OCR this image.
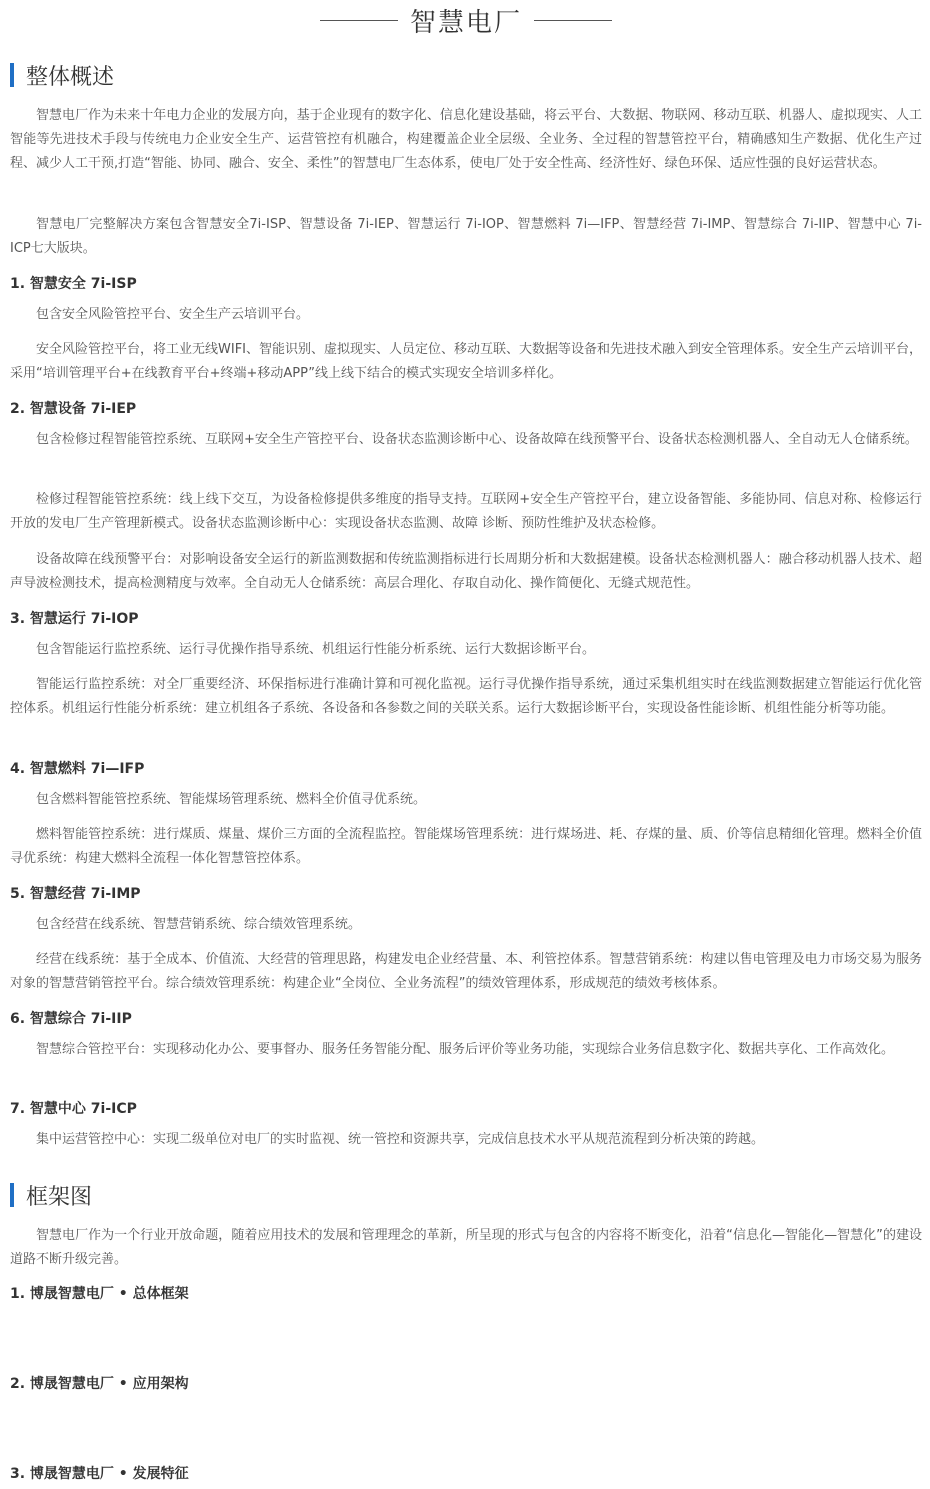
智慧电厂
整体概述

智慧电厂作为未来十年电力企业的发展方向，基于企业现有的数字化、信息化建设基础，将云平台、大数据、物联网、移动互联、机器人、虚拟现实、人工智能等先进技术手段与传统电力企业安全生产、运营管控有机融合，构建覆盖企业全层级、全业务、全过程的智慧管控平台，精确感知生产数据、优化生产过程、减少人工干预,打造“智能、协同、融合、安全、柔性”的智慧电厂生态体系，使电厂处于安全性高、经济性好、绿色环保、适应性强的良好运营状态。

智慧电厂完整解决方案包含智慧安全7i-ISP、智慧设备 7i-IEP、智慧运行 7i-IOP、智慧燃料 7i—IFP、智慧经营 7i-IMP、智慧综合 7i-IIP、智慧中心 7i-ICP七大版块。

1. 智慧安全 7i-ISP

包含安全风险管控平台、安全生产云培训平台。

安全风险管控平台，将工业无线WIFI、智能识别、虚拟现实、人员定位、移动互联、大数据等设备和先进技术融入到安全管理体系。安全生产云培训平台，采用“培训管理平台+在线教育平台+终端+移动APP”线上线下结合的模式实现安全培训多样化。

2. 智慧设备 7i-IEP

包含检修过程智能管控系统、互联网+安全生产管控平台、设备状态监测诊断中心、设备故障在线预警平台、设备状态检测机器人、全自动无人仓储系统。

检修过程智能管控系统：线上线下交互，为设备检修提供多维度的指导支持。互联网+安全生产管控平台，建立设备智能、多能协同、信息对称、检修运行开放的发电厂生产管理新模式。设备状态监测诊断中心：实现设备状态监测、故障 诊断、预防性维护及状态检修。

设备故障在线预警平台：对影响设备安全运行的新监测数据和传统监测指标进行长周期分析和大数据建模。设备状态检测机器人：融合移动机器人技术、超声导波检测技术，提高检测精度与效率。全自动无人仓储系统：高层合理化、存取自动化、操作简便化、无缝式规范性。

3. 智慧运行 7i-IOP

包含智能运行监控系统、运行寻优操作指导系统、机组运行性能分析系统、运行大数据诊断平台。

智能运行监控系统：对全厂重要经济、环保指标进行准确计算和可视化监视。运行寻优操作指导系统，通过采集机组实时在线监测数据建立智能运行优化管控体系。机组运行性能分析系统：建立机组各子系统、各设备和各参数之间的关联关系。运行大数据诊断平台，实现设备性能诊断、机组性能分析等功能。

4. 智慧燃料 7i—IFP

包含燃料智能管控系统、智能煤场管理系统、燃料全价值寻优系统。

燃料智能管控系统：进行煤质、煤量、煤价三方面的全流程监控。智能煤场管理系统：进行煤场进、耗、存煤的量、质、价等信息精细化管理。燃料全价值寻优系统：构建大燃料全流程一体化智慧管控体系。

5. 智慧经营 7i-IMP

包含经营在线系统、智慧营销系统、综合绩效管理系统。

经营在线系统：基于全成本、价值流、大经营的管理思路，构建发电企业经营量、本、利管控体系。智慧营销系统：构建以售电管理及电力市场交易为服务对象的智慧营销管控平台。综合绩效管理系统：构建企业“全岗位、全业务流程”的绩效管理体系，形成规范的绩效考核体系。

6. 智慧综合 7i-IIP

智慧综合管控平台：实现移动化办公、要事督办、服务任务智能分配、服务后评价等业务功能，实现综合业务信息数字化、数据共享化、工作高效化。

7. 智慧中心 7i-ICP

集中运营管控中心：实现二级单位对电厂的实时监视、统一管控和资源共享，完成信息技术水平从规范流程到分析决策的跨越。

框架图

智慧电厂作为一个行业开放命题，随着应用技术的发展和管理理念的革新，所呈现的形式与包含的内容将不断变化，沿着“信息化—智能化—智慧化”的建设道路不断升级完善。

1. 博晟智慧电厂 • 总体框架
2. 博晟智慧电厂 • 应用架构
3. 博晟智慧电厂 • 发展特征
